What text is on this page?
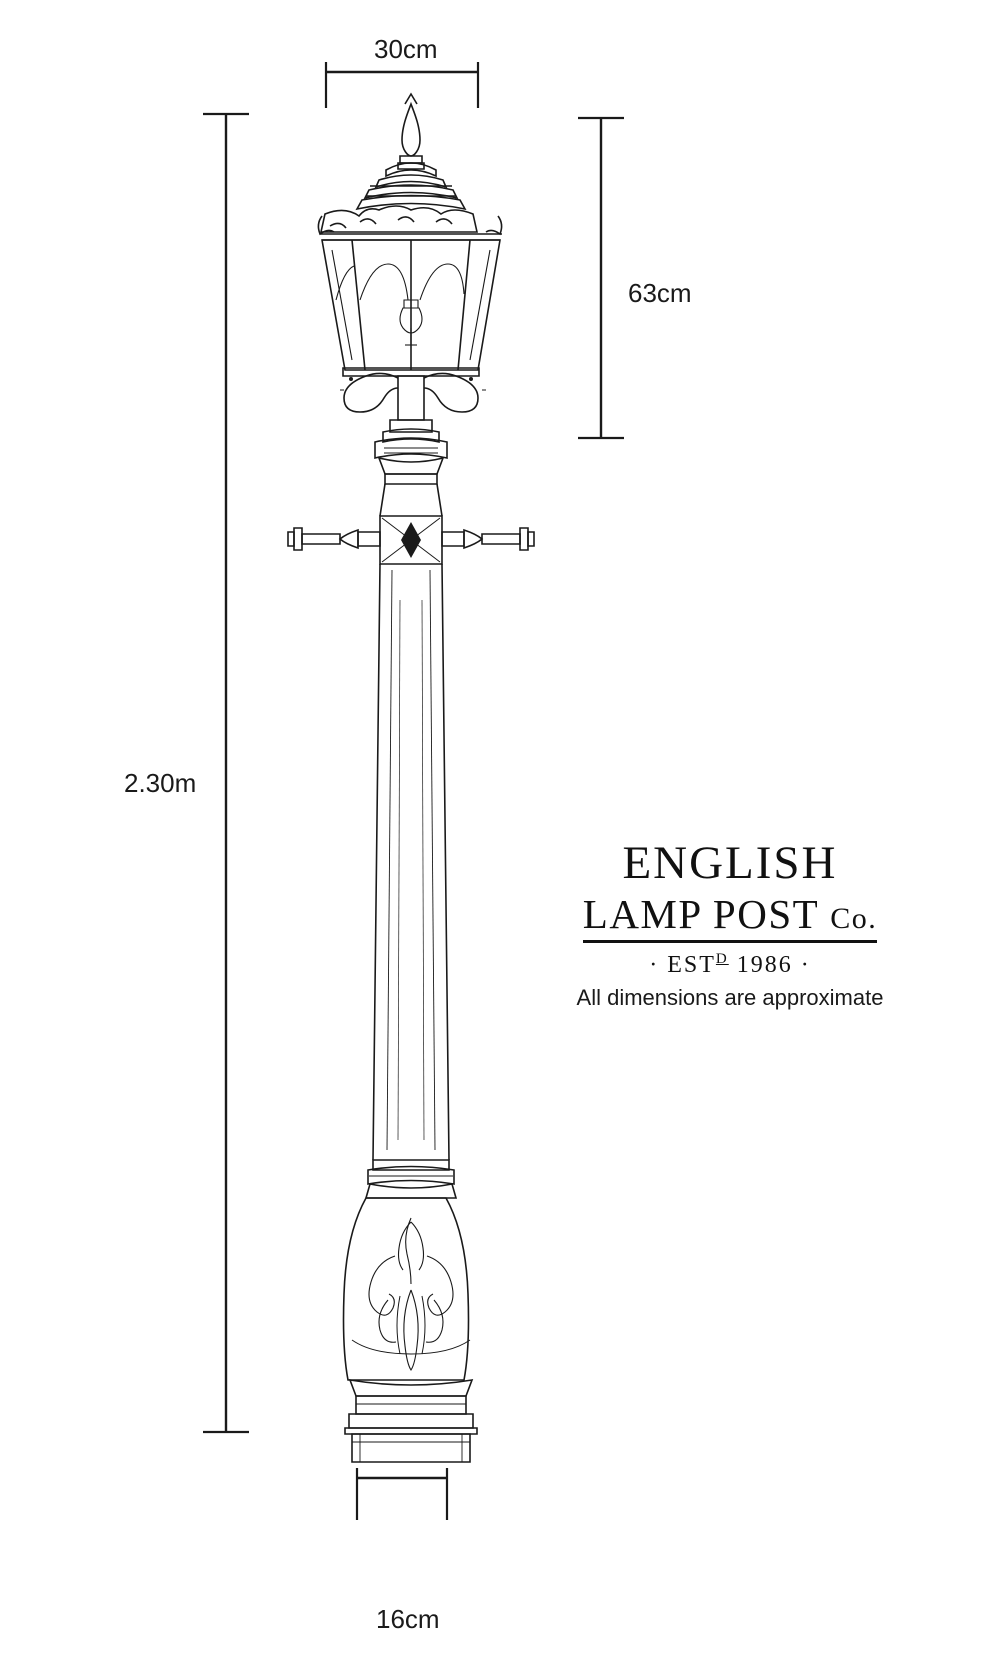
30cm
63cm
2.30m
16cm
ENGLISH
LAMP POST Co.
· $EST^D$ 1986 ·
All dimensions are approximate
